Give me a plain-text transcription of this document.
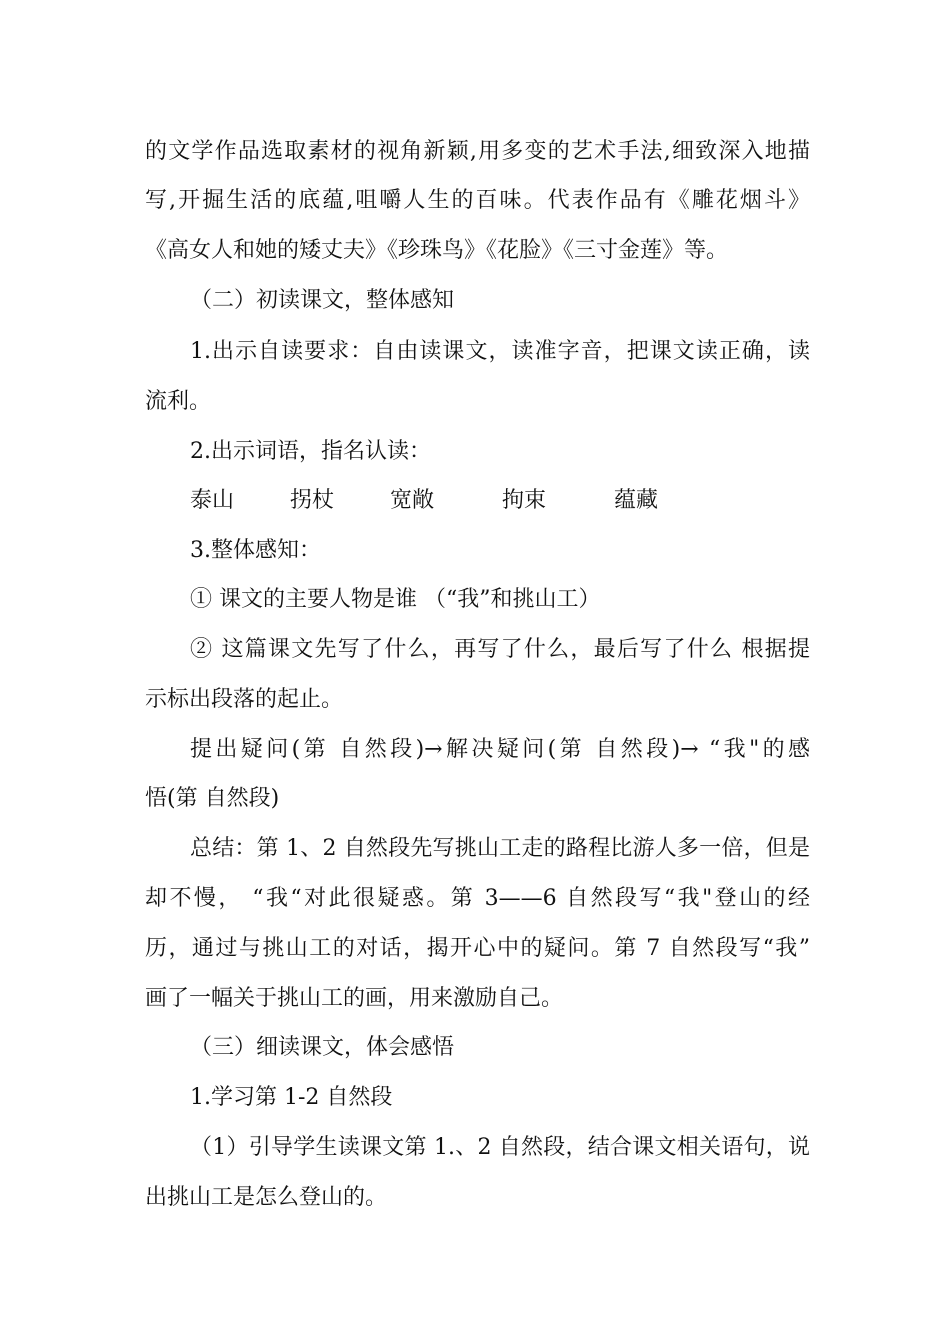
的文学作品选取素材的视角新颖,用多变的艺术手法,细致深入地描
写,开掘生活的底蕴,咀嚼人生的百味。代表作品有《雕花烟斗》
《高女人和她的矮丈夫》《珍珠鸟》《花脸》《三寸金莲》等。
（二）初读课文，整体感知
1.出示自读要求：自由读课文，读准字音，把课文读正确，读
流利。
2.出示词语，指名认读：
泰山	拐杖	宽敞	拘束	蕴藏
3.整体感知：
① 课文的主要人物是谁 （“我”和挑山工）
② 这篇课文先写了什么，再写了什么，最后写了什么 根据提
示标出段落的起止。
提出疑问(第 自然段)→解决疑问(第 自然段)→ “我"的感
悟(第 自然段)
总结：第 1、2 自然段先写挑山工走的路程比游人多一倍，但是
却不慢， “我“对此很疑惑。第 3——6 自然段写“我"登山的经
历，通过与挑山工的对话，揭开心中的疑问。第 7 自然段写“我”
画了一幅关于挑山工的画，用来激励自己。
（三）细读课文，体会感悟
1.学习第 1-2 自然段
（1）引导学生读课文第 1.、2 自然段，结合课文相关语句，说
出挑山工是怎么登山的。
